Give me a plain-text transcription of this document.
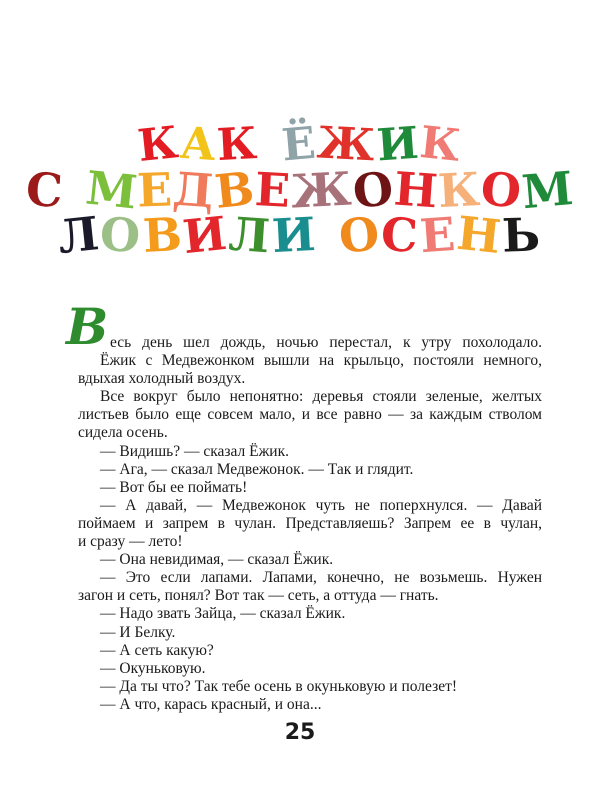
КАК ЁЖИК
С МЕДВЕЖОНКОМ
ЛОВИЛИ ОСЕНЬ
В есь день шел дождь, ночью перестал, к утру похолодало.
Ёжик с Медвежонком вышли на крыльцо, постояли немного,
вдыхая холодный воздух.
Все вокруг было непонятно: деревья стояли зеленые, желтых
листьев было еще совсем мало, и все равно — за каждым стволом
сидела осень.
— Видишь? — сказал Ёжик.
— Ага, — сказал Медвежонок. — Так и глядит.
— Вот бы ее поймать!
— А давай, — Медвежонок чуть не поперхнулся. — Давай
поймаем и запрем в чулан. Представляешь? Запрем ее в чулан,
и сразу — лето!
— Она невидимая, — сказал Ёжик.
— Это если лапами. Лапами, конечно, не возьмешь. Нужен
загон и сеть, понял? Вот так — сеть, а оттуда — гнать.
— Надо звать Зайца, — сказал Ёжик.
— И Белку.
— А сеть какую?
— Окуньковую.
— Да ты что? Так тебе осень в окуньковую и полезет!
— А что, карась красный, и она...
25
